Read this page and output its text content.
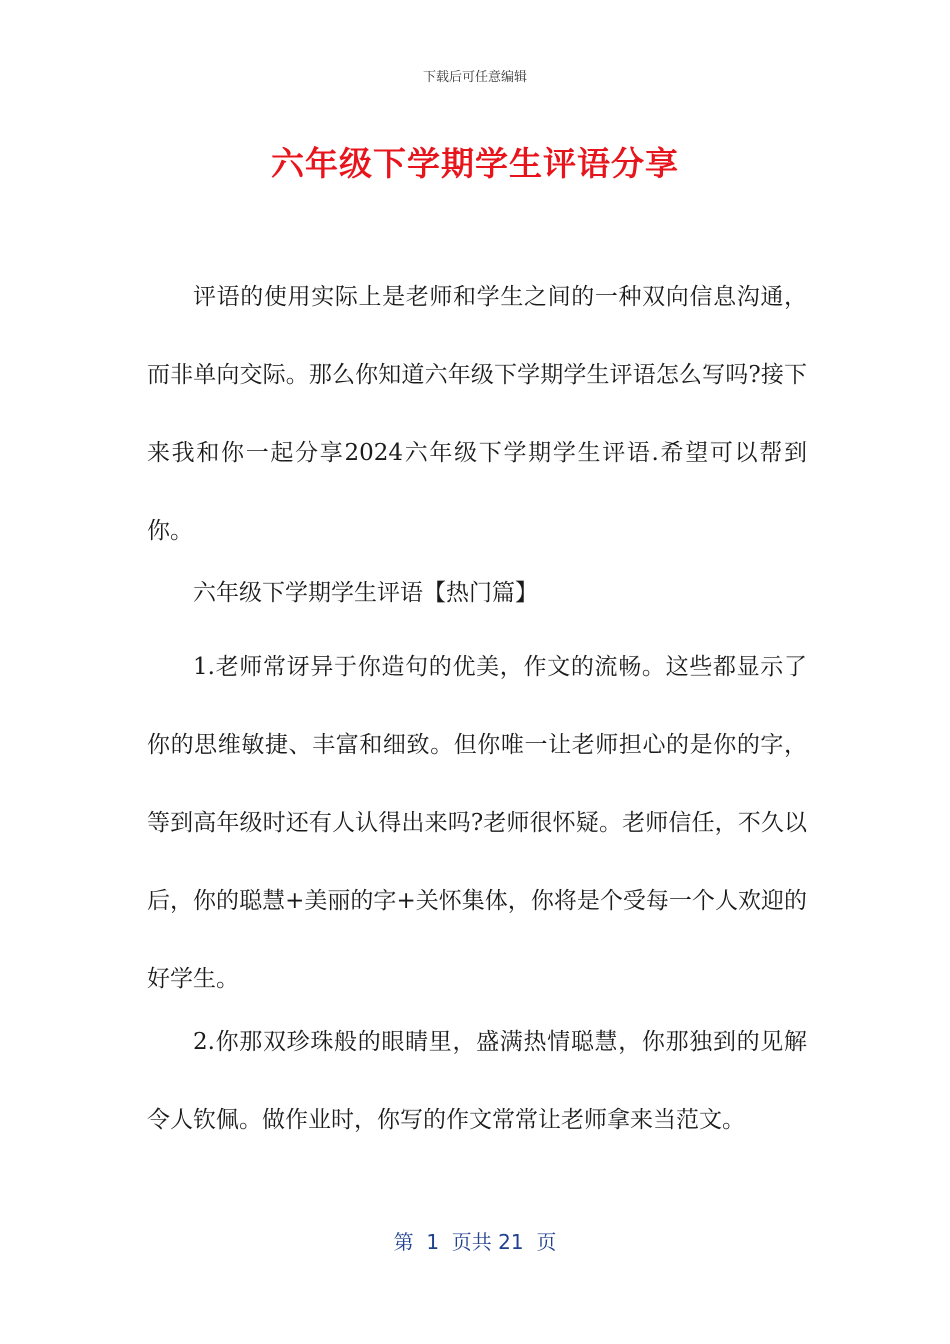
下载后可任意编辑
六年级下学期学生评语分享

评语的使用实际上是老师和学生之间的一种双向信息沟通，而非单向交际。那么你知道六年级下学期学生评语怎么写吗?接下来我和你一起分享2024六年级下学期学生评语.希望可以帮到你。

六年级下学期学生评语【热门篇】

1.老师常讶异于你造句的优美，作文的流畅。这些都显示了你的思维敏捷、丰富和细致。但你唯一让老师担心的是你的字，等到高年级时还有人认得出来吗?老师很怀疑。老师信任，不久以后，你的聪慧+美丽的字+关怀集体，你将是个受每一个人欢迎的好学生。

2.你那双珍珠般的眼睛里，盛满热情聪慧，你那独到的见解令人钦佩。做作业时，你写的作文常常让老师拿来当范文。

第  1  页共 21  页
